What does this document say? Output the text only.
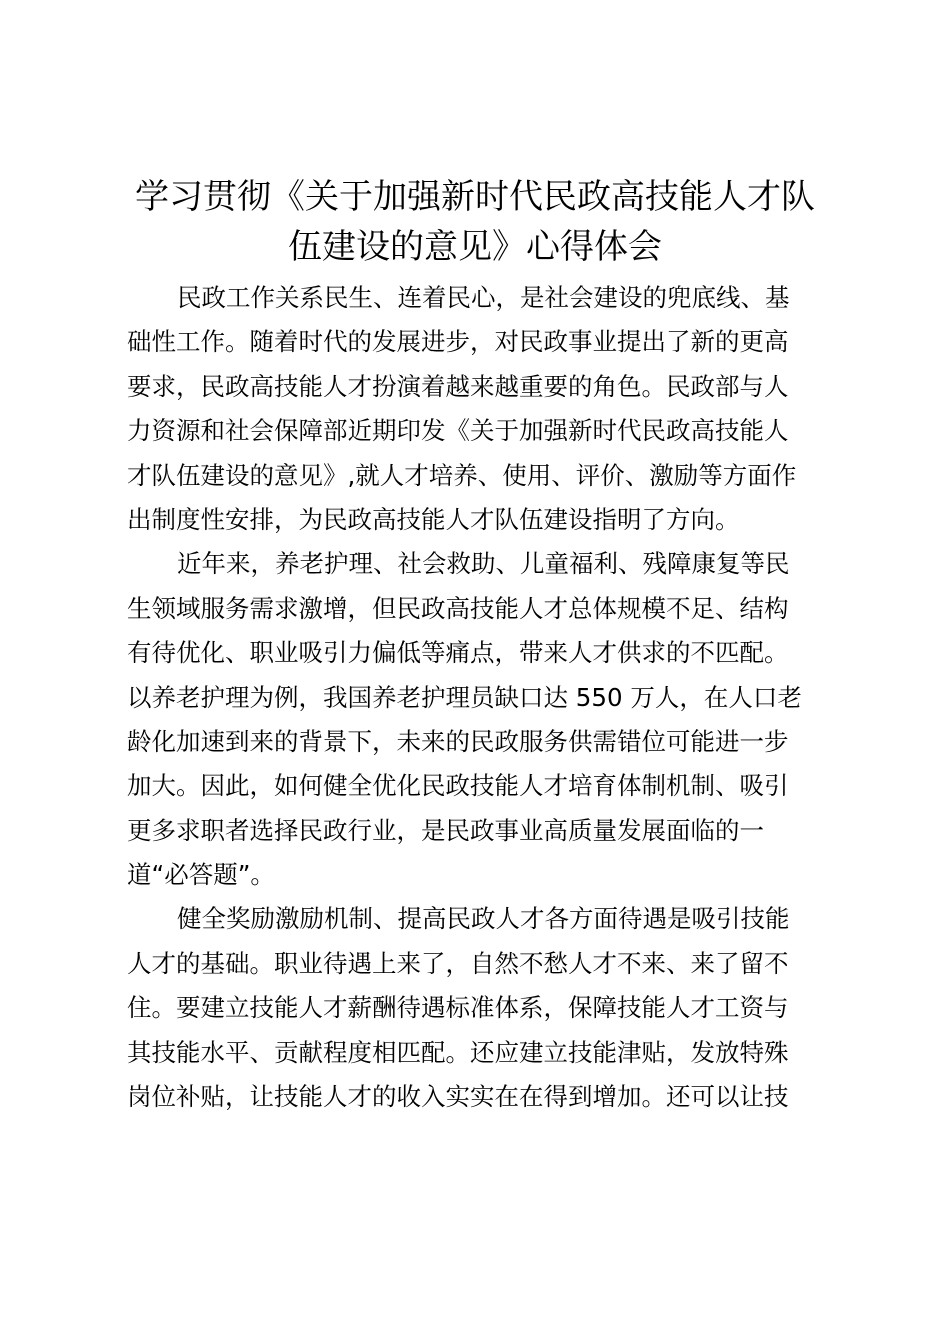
学习贯彻《关于加强新时代民政高技能人才队
伍建设的意见》心得体会
民政工作关系民生、连着民心，是社会建设的兜底线、基
础性工作。随着时代的发展进步，对民政事业提出了新的更高
要求，民政高技能人才扮演着越来越重要的角色。民政部与人
力资源和社会保障部近期印发《关于加强新时代民政高技能人
才队伍建设的意见》,就人才培养、使用、评价、激励等方面作
出制度性安排，为民政高技能人才队伍建设指明了方向。
近年来，养老护理、社会救助、儿童福利、残障康复等民
生领域服务需求激增，但民政高技能人才总体规模不足、结构
有待优化、职业吸引力偏低等痛点，带来人才供求的不匹配。
以养老护理为例，我国养老护理员缺口达 550 万人，在人口老
龄化加速到来的背景下，未来的民政服务供需错位可能进一步
加大。因此，如何健全优化民政技能人才培育体制机制、吸引
更多求职者选择民政行业，是民政事业高质量发展面临的一
道“必答题”。
健全奖励激励机制、提高民政人才各方面待遇是吸引技能
人才的基础。职业待遇上来了，自然不愁人才不来、来了留不
住。要建立技能人才薪酬待遇标准体系，保障技能人才工资与
其技能水平、贡献程度相匹配。还应建立技能津贴，发放特殊
岗位补贴，让技能人才的收入实实在在得到增加。还可以让技
